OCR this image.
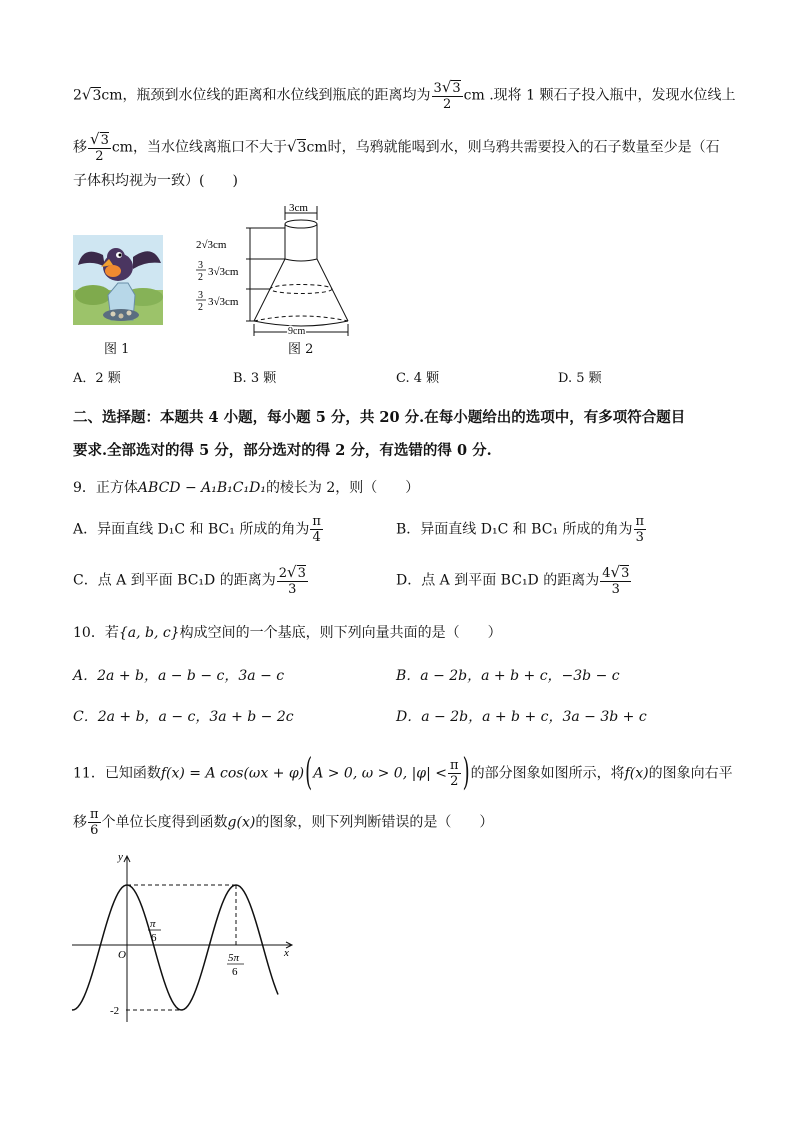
2√3cm，瓶颈到水位线的距离和水位线到瓶底的距离均为 $\frac{3√3}{2}$ cm .现将 1 颗石子投入瓶中，发现水位线上
移 $\frac{√3}{2}$ cm，当水位线离瓶口不大于√3cm时，乌鸦就能喝到水，则乌鸦共需要投入的石子数量至少是（石
子体积均视为一致）(　　)
图 1
3cm
9cm
2√3cm
3
2 3√3cm
3
2 3√3cm
图 2
A．2 颗	B. 3 颗	C. 4 颗	D. 5 颗
二、选择题：本题共 4 小题，每小题 5 分，共 20 分.在每小题给出的选项中，有多项符合题目
要求.全部选对的得 5 分，部分选对的得 2 分，有选错的得 0 分.
9．正方体ABCD − A₁B₁C₁D₁的棱长为 2，则（　　）
A．异面直线 D₁C 和 BC₁ 所成的角为 $\frac{\pi}{4}$	B．异面直线 D₁C 和 BC₁ 所成的角为 $\frac{\pi}{3}$
C．点 A 到平面 BC₁D 的距离为 $\frac{2√3}{3}$	D．点 A 到平面 BC₁D 的距离为 $\frac{4√3}{3}$
10．若{a, b, c}构成空间的一个基底，则下列向量共面的是（　　）
A．2a + b，a − b − c，3a − c	B．a − 2b，a + b + c，−3b − c
C．2a + b，a − c，3a + b − 2c	D．a − 2b，a + b + c，3a − 3b + c
11．已知函数f(x) = A cos(ωx + φ)(A > 0, ω > 0, $|\varphi| < \frac{\pi}{2}$ )的部分图象如图所示，将f(x)的图象向右平
移 $\frac{\pi}{6}$ 个单位长度得到函数g(x)的图象，则下列判断错误的是（　　）
y
x
O
π
6
5π
6
-2
